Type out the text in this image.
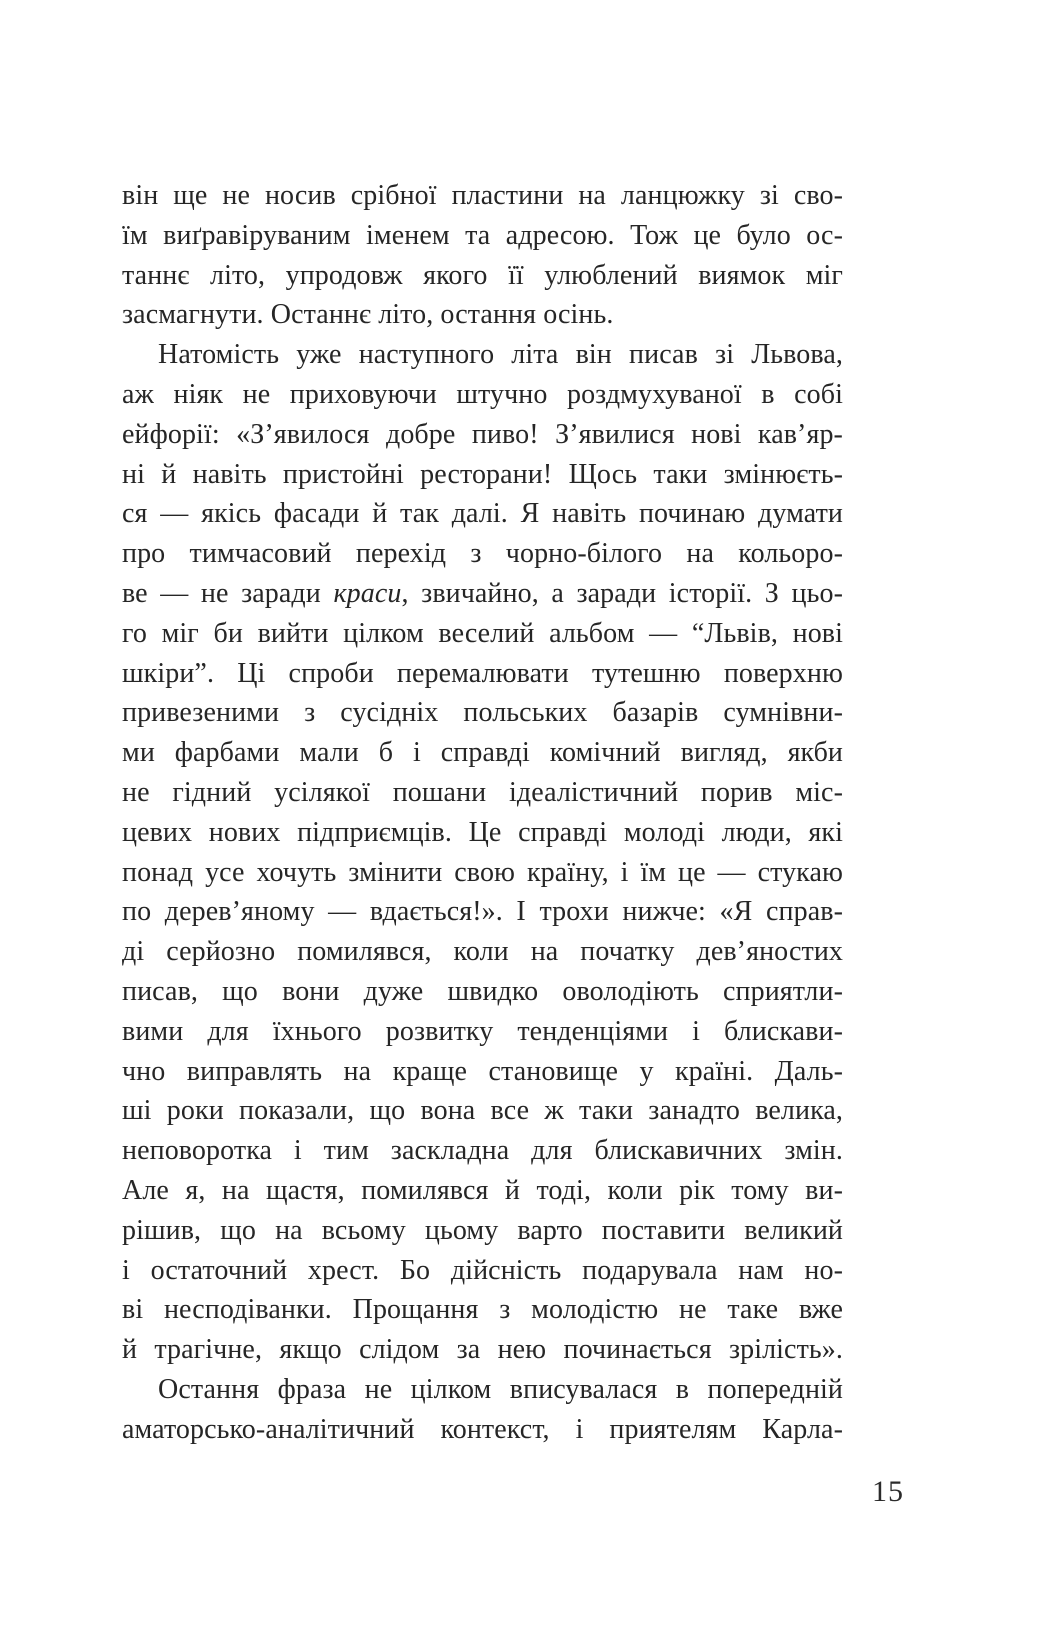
він ще не носив срібної пластини на ланцюжку зі сво-
їм виґравіруваним іменем та адресою. Тож це було ос-
таннє літо, упродовж якого її улюблений виямок міг
засмагнути. Останнє літо, остання осінь.
Натомість уже наступного літа він писав зі Львова,
аж ніяк не приховуючи штучно роздмухуваної в собі
ейфорії: «З’явилося добре пиво! З’явилися нові кав’яр-
ні й навіть пристойні ресторани! Щось таки змінюєть-
ся — якісь фасади й так далі. Я навіть починаю думати
про тимчасовий перехід з чорно-білого на кольоро-
ве — не заради краси, звичайно, а заради історії. З цьо-
го міг би вийти цілком веселий альбом — “Львів, нові
шкіри”. Ці спроби перемалювати тутешню поверхню
привезеними з сусідніх польських базарів сумнівни-
ми фарбами мали б і справді комічний вигляд, якби
не гідний усілякої пошани ідеалістичний порив міс-
цевих нових підприємців. Це справді молоді люди, які
понад усе хочуть змінити свою країну, і їм це — стукаю
по дерев’яному — вдається!». І трохи нижче: «Я справ-
ді серйозно помилявся, коли на початку дев’яностих
писав, що вони дуже швидко оволодіють сприятли-
вими для їхнього розвитку тенденціями і блискави-
чно виправлять на краще становище у країні. Даль-
ші роки показали, що вона все ж таки занадто велика,
неповоротка і тим заскладна для блискавичних змін.
Але я, на щастя, помилявся й тоді, коли рік тому ви-
рішив, що на всьому цьому варто поставити великий
і остаточний хрест. Бо дійсність подарувала нам но-
ві несподіванки. Прощання з молодістю не таке вже
й трагічне, якщо слідом за нею починається зрілість».
Остання фраза не цілком вписувалася в попередній
аматорсько-аналітичний контекст, і приятелям Карла-
15
